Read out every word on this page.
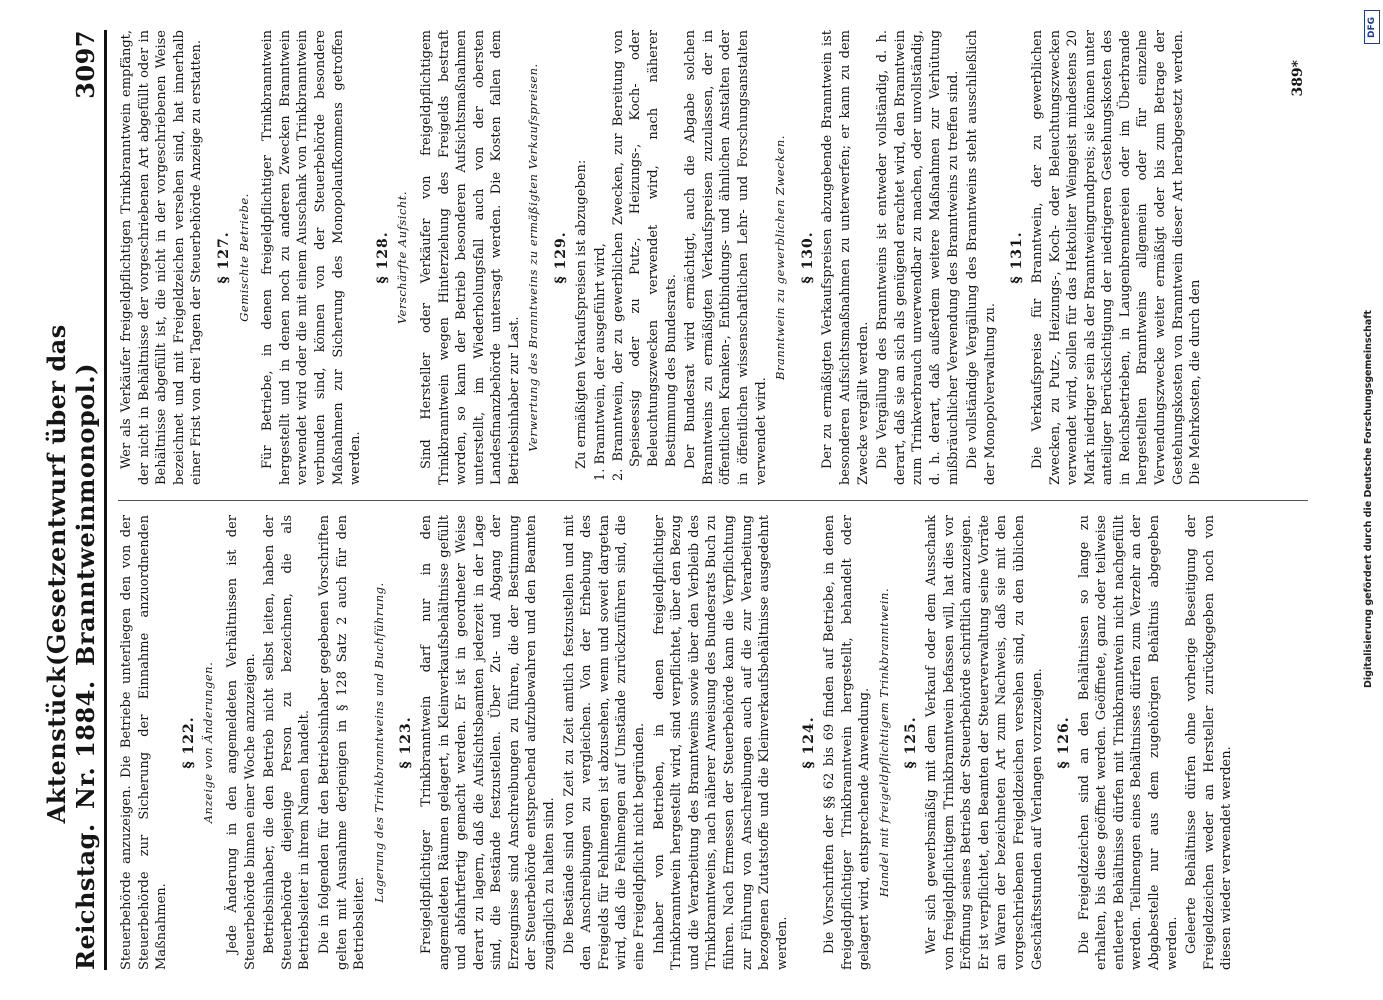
Reichstag.
Aktenstück Nr. 1884.
(Gesetzentwurf über das Branntweinmonopol.)
3097
Steuerbehörde anzuzeigen. Die Betriebe unterliegen den von der Steuerbehörde zur Sicherung der Einnahme anzuordnenden Maßnahmen.
§ 122. Anzeige von Änderungen. Jede Änderung in den angemeldeten Verhältnissen ist der Steuerbehörde binnen einer Woche anzuzeigen. Betriebsinhaber, die den Betrieb nicht selbst leiten, haben der Steuerbehörde diejenige Person zu bezeichnen, die als Betriebsleiter in ihrem Namen handelt. Die in folgenden für den Betriebsinhaber gegebenen Vorschriften gelten mit Ausnahme derjenigen in § 128 Satz 2 auch für den Betriebsleiter.
Lagerung des Trinkbranntweins und Buchführung. § 123. Freigeldpflichtiger Trinkbranntwein darf nur in den angemeldeten Räumen gelagert, in Kleinverkaufsbehältnisse gefüllt und abfahrtfertig gemacht werden. Er ist in geordneter Weise derart zu lagern, daß die Aufsichtsbeamten jederzeit in der Lage sind, die Bestände festzustellen. Über Zu- und Abgang der Erzeugnisse sind Anschreibungen zu führen, die der Bestimmung der Steuerbehörde entsprechend aufzubewahren und den Beamten zugänglich zu halten sind. Die Bestände sind von Zeit zu Zeit amtlich festzustellen und mit den Anschreibungen zu vergleichen. Von der Erhebung des Freigelds für Fehlmengen ist abzusehen, wenn und soweit dargetan wird, daß die Fehlmengen auf Umstände zurückzuführen sind, die eine Freigeldpflicht nicht begründen. Inhaber von Betrieben, in denen freigeldpflichtiger Trinkbranntwein hergestellt wird, sind verpflichtet, über den Bezug und die Verarbeitung des Branntweins sowie über den Verbleib des Trinkbranntweins, nach näherer Anweisung des Bundesrats Buch zu führen. Nach Ermessen der Steuerbehörde kann die Verpflichtung zur Führung von Anschreibungen auch auf die zur Verarbeitung bezogenen Zutatstoffe und die Kleinverkaufsbehältnisse ausgedehnt werden.
§ 124. Die Vorschriften der §§ 62 bis 69 finden auf Betriebe, in denen freigeldpflichtiger Trinkbranntwein hergestellt, behandelt oder gelagert wird, entsprechende Anwendung. Handel mit freigeldpflichtigem Trinkbranntwein. § 125. Wer sich gewerbsmäßig mit dem Verkauf oder dem Ausschank von freigeldpflichtigem Trinkbranntwein befassen will, hat dies vor Eröffnung seines Betriebs der Steuerbehörde schriftlich anzuzeigen. Er ist verpflichtet, den Beamten der Steuerverwaltung seine Vorräte an Waren der bezeichneten Art zum Nachweis, daß sie mit den vorgeschriebenen Freigeldzeichen versehen sind, zu den üblichen Geschäftsstunden auf Verlangen vorzuzeigen. § 126. Die Freigeldzeichen sind an den Behältnissen so lange zu erhalten, bis diese geöffnet werden. Geöffnete, ganz oder teilweise entleerte Behältnisse dürfen mit Trinkbranntwein nicht nachgefüllt werden. Teilmengen eines Behältnisses dürfen zum Verzehr an der Abgabestelle nur aus dem zugehörigen Behältnis abgegeben werden. Geleerte Behältnisse dürfen ohne vorherige Beseitigung der Freigeldzeichen weder an Hersteller zurückgegeben noch von diesen wieder verwendet werden.
Wer als Verkäufer freigeldpflichtigen Trinkbranntwein empfängt, der nicht in Behältnisse der vorgeschriebenen Art abgefüllt oder in Behältnisse abgefüllt ist, die nicht in der vorgeschriebenen Weise bezeichnet und mit Freigeldzeichen versehen sind, hat innerhalb einer Frist von drei Tagen der Steuerbehörde Anzeige zu erstatten. § 127. Gemischte Betriebe. Für Betriebe, in denen freigeldpflichtiger Trinkbranntwein hergestellt und in denen noch zu anderen Zwecken Branntwein verwendet wird oder die mit einem Ausschank von Trinkbranntwein verbunden sind, können von der Steuerbehörde besondere Maßnahmen zur Sicherung des Monopolaufkommens getroffen werden.
§ 128. Verschärfte Aufsicht. Sind Hersteller oder Verkäufer von freigeldpflichtigem Trinkbranntwein wegen Hinterziehung des Freigelds bestraft worden, so kann der Betrieb besonderen Aufsichtsmaßnahmen unterstellt, im Wiederholungsfall auch von der obersten Landesfinanzbehörde untersagt werden. Die Kosten fallen dem Betriebsinhaber zur Last. Verwertung des Branntweins zu ermäßigten Verkaufspreisen. § 129. Zu ermäßigten Verkaufspreisen ist abzugeben: 1. Branntwein, der ausgeführt wird, 2. Branntwein, der zu gewerblichen Zwecken, zur Bereitung von Speiseessig oder zu Putz-, Heizungs-, Koch- oder Beleuchtungszwecken verwendet wird, nach näherer Bestimmung des Bundesrats. Der Bundesrat wird ermächtigt, auch die Abgabe solchen Branntweins zu ermäßigten Verkaufspreisen zuzulassen, der in öffentlichen Kranken-, Entbindungs- und ähnlichen Anstalten oder in öffentlichen wissenschaftlichen Lehr- und Forschungsanstalten verwendet wird.
Branntwein zu gewerblichen Zwecken. § 130. Der zu ermäßigten Verkaufspreisen abzugebende Branntwein ist besonderen Aufsichtsmaßnahmen zu unterwerfen; er kann zu dem Zwecke vergällt werden. Die Vergällung des Branntweins ist entweder vollständig, d. h. derart, daß sie an sich als genügend erachtet wird, den Branntwein zum Trinkverbrauch unverwendbar zu machen, oder unvollständig, d. h. derart, daß außerdem weitere Maßnahmen zur Verhütung mißbräuchlicher Verwendung des Branntweins zu treffen sind. Die vollständige Vergällung des Branntweins steht ausschließlich der Monopolverwaltung zu.
§ 131. Die Verkaufspreise für Branntwein, der zu gewerblichen Zwecken, zu Putz-, Heizungs-, Koch- oder Beleuchtungszwecken verwendet wird, sollen für das Hektoliter Weingeist mindestens 20 Mark niedriger sein als der Branntweingrundpreis; sie können unter anteiliger Berücksichtigung der niedrigeren Gestehungskosten des in Reichsbetrieben, in Laugenbrennereien oder im Überbrande hergestellten Branntweins allgemein oder für einzelne Verwendungszwecke weiter ermäßigt oder bis zum Betrage der Gestehungskosten von Branntwein dieser Art herabgesetzt werden. Die Mehrkosten, die durch den
389*
DFG
Digitalisierung gefördert durch die Deutsche Forschungsgemeinschaft
